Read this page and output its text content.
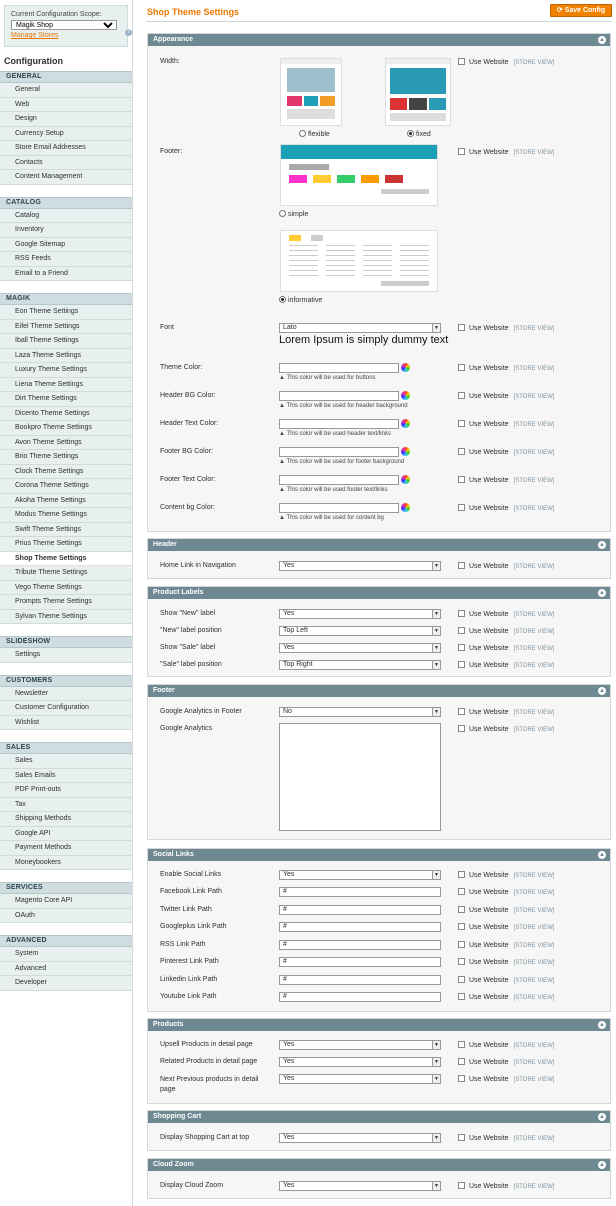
Current Configuration Scope:
Magik Shop
?
Manage Stores
Configuration
GENERAL
General
Web
Design
Currency Setup
Store Email Addresses
Contacts
Content Management
CATALOG
Catalog
Inventory
Google Sitemap
RSS Feeds
Email to a Friend
MAGIK
Eon Theme Settings
Eifel Theme Settings
Iball Theme Settings
Laza Theme Settings
Luxury Theme Settings
Liena Theme Settings
Dirt Theme Settings
Dicento Theme Settings
Bookpro Theme Settings
Avon Theme Settings
Brio Theme Settings
Clock Theme Settings
Corona Theme Settings
Akoha Theme Settings
Modus Theme Settings
Swift Theme Settings
Prius Theme Settings
Shop Theme Settings
Tribute Theme Settings
Vego Theme Settings
Prompts Theme Settings
Sylvan Theme Settings
SLIDESHOW
Settings
CUSTOMERS
Newsletter
Customer Configuration
Wishlist
SALES
Sales
Sales Emails
PDF Print-outs
Tax
Shipping Methods
Google API
Payment Methods
Moneybookers
SERVICES
Magento Core API
OAuth
ADVANCED
System
Advanced
Developer
Shop Theme Settings	⟳ Save Config
Appearance	▲
Width:	Use Website [STORE VIEW]
flexible	fixed
Footer:	Use Website [STORE VIEW]
simple
informative
Font	Lato	▼	Use Website [STORE VIEW]
Lorem Ipsum is simply dummy text
Theme Color:
▲ This color will be used for buttons
Use Website [STORE VIEW]
Header BG Color:
▲ This color will be used for header background
Use Website [STORE VIEW]
Header Text Color:
▲ This color will be used header text/links
Use Website [STORE VIEW]
Footer BG Color:
▲ This color will be used for footer background
Use Website [STORE VIEW]
Footer Text Color:
▲ This color will be used footer text/links
Use Website [STORE VIEW]
Content bg Color:
▲ This color will be used for content bg
Use Website [STORE VIEW]
Header	▲
Home Link in Navigation	Yes	▼	Use Website [STORE VIEW]
Product Labels	▲
Show "New" label	Yes	▼	Use Website [STORE VIEW]
"New" label position	Top Left	▼	Use Website [STORE VIEW]
Show "Sale" label	Yes	▼	Use Website [STORE VIEW]
"Sale" label position	Top Right	▼	Use Website [STORE VIEW]
Footer	▲
Google Analytics in Footer	No	▼	Use Website [STORE VIEW]
Google Analytics	Use Website [STORE VIEW]
Social Links	▲
Enable Social Links	Yes	▼	Use Website [STORE VIEW]
Facebook Link Path	#	Use Website [STORE VIEW]
Twitter Link Path	#	Use Website [STORE VIEW]
Googleplus Link Path	#	Use Website [STORE VIEW]
RSS Link Path	#	Use Website [STORE VIEW]
Pinterest Link Path	#	Use Website [STORE VIEW]
Linkedin Link Path	#	Use Website [STORE VIEW]
Youtube Link Path	#	Use Website [STORE VIEW]
Products	▲
Upsell Products in detail page	Yes	▼	Use Website [STORE VIEW]
Related Products in detail page	Yes	▼	Use Website [STORE VIEW]
Next Previous products in detail page
Yes	▼	Use Website [STORE VIEW]
Shopping Cart	▲
Display Shopping Cart at top	Yes	▼	Use Website [STORE VIEW]
Cloud Zoom	▲
Display Cloud Zoom	Yes	▼	Use Website [STORE VIEW]
